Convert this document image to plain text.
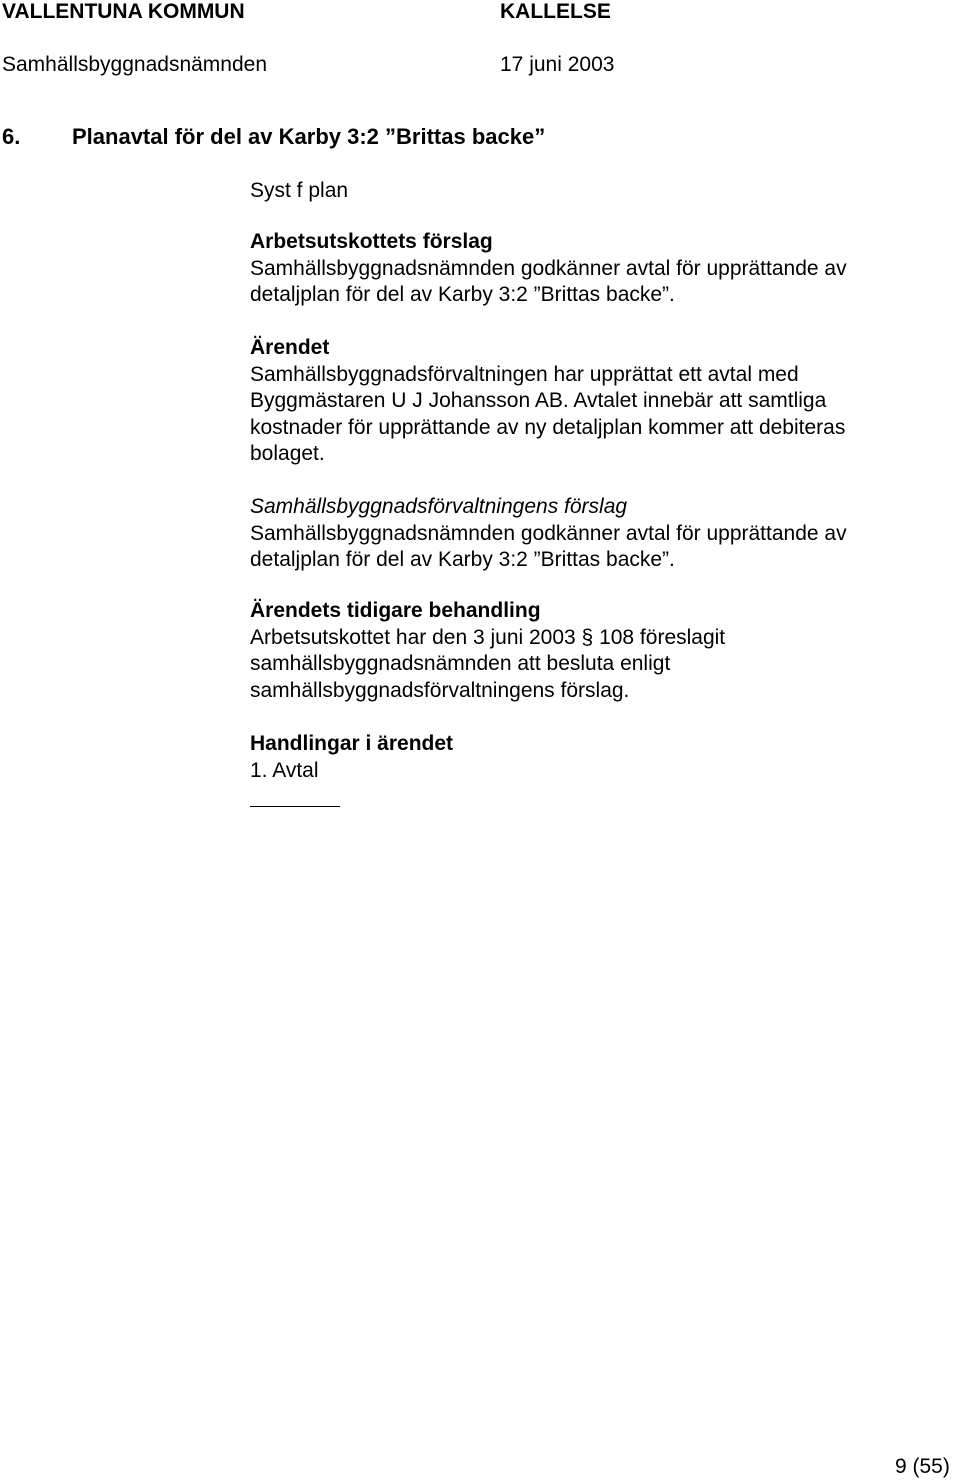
VALLENTUNA KOMMUN	KALLELSE
Samhällsbyggnadsnämnden	17 juni 2003
6. Planavtal för del av Karby 3:2 ”Brittas backe”
Syst f plan
Arbetsutskottets förslag

Samhällsbyggnadsnämnden godkänner avtal för upprättande av

detaljplan för del av Karby 3:2 ”Brittas backe”.

Ärendet

Samhällsbyggnadsförvaltningen har upprättat ett avtal med

Byggmästaren U J Johansson AB. Avtalet innebär att samtliga

kostnader för upprättande av ny detaljplan kommer att debiteras

bolaget.

Samhällsbyggnadsförvaltningens förslag

Samhällsbyggnadsnämnden godkänner avtal för upprättande av

detaljplan för del av Karby 3:2 ”Brittas backe”.

Ärendets tidigare behandling

Arbetsutskottet har den 3 juni 2003 § 108 föreslagit

samhällsbyggnadsnämnden att besluta enligt

samhällsbyggnadsförvaltningens förslag.

Handlingar i ärendet

1. Avtal

9 (55)
